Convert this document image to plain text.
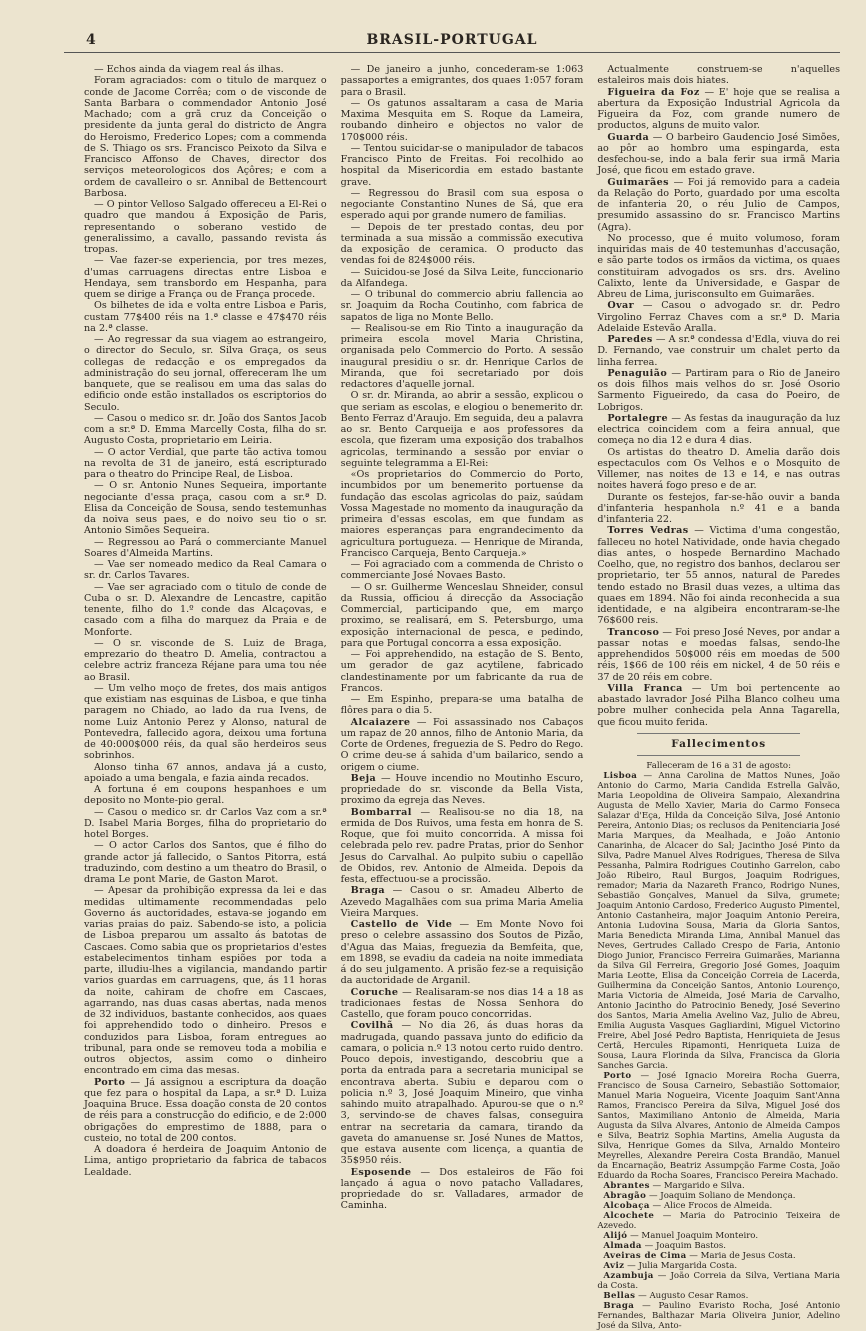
4	BRASIL-PORTUGAL

— Echos ainda da viagem real ás ilhas.

Foram agraciados: com o titulo de marquez o conde de Jacome Corrêa; com o de visconde de Santa Barbara o commendador Antonio José Machado; com a grã cruz da Conceição o presidente da junta geral do districto de Angra do Heroismo, Frederico Lopes; com a commenda de S. Thiago os srs. Francisco Peixoto da Silva e Francisco Affonso de Chaves, director dos serviços meteorologicos dos Açôres; e com a ordem de cavalleiro o sr. Annibal de Bettencourt Barbosa.

— O pintor Velloso Salgado offereceu a El-Rei o quadro que mandou á Exposição de Paris, representando o soberano vestido de generalissimo, a cavallo, passando revista ás tropas.

— Vae fazer-se experiencia, por tres mezes, d'umas carruagens directas entre Lisboa e Hendaya, sem transbordo em Hespanha, para quem se dirige a França ou de França procede.

Os bilhetes de ida e volta entre Lisboa e Paris, custam 77$400 réis na 1.ª classe e 47$470 réis na 2.ª classe.

— Ao regressar da sua viagem ao estrangeiro, o director do Seculo, sr. Silva Graça, os seus collegas de redacção e os empregados da administração do seu jornal, offereceram lhe um banquete, que se realisou em uma das salas do edificio onde estão installados os escriptorios do Seculo.

— Casou o medico sr. dr. João dos Santos Jacob com a sr.ª D. Emma Marcelly Costa, filha do sr. Augusto Costa, proprietario em Leiria.

— O actor Verdial, que parte tão activa tomou na revolta de 31 de janeiro, está escripturado para o theatro do Principe Real, de Lisboa.

— O sr. Antonio Nunes Sequeira, importante negociante d'essa praça, casou com a sr.ª D. Elisa da Conceição de Sousa, sendo testemunhas da noiva seus paes, e do noivo seu tio o sr. Antonio Simões Sequeira.

— Regressou ao Pará o commerciante Manuel Soares d'Almeida Martins.

— Vae ser nomeado medico da Real Camara o sr. dr. Carlos Tavares.

— Vae ser agraciado com o titulo de conde de Cuba o sr. D. Alexandre de Lencastre, capitão tenente, filho do 1.º conde das Alcaçovas, e casado com a filha do marquez da Praia e de Monforte.

— O sr. visconde de S. Luiz de Braga, emprezario do theatro D. Amelia, contractou a celebre actriz franceza Réjane para uma tou née ao Brasil.

— Um velho moço de fretes, dos mais antigos que existiam nas esquinas de Lisboa, e que tinha paragem no Chiado, ao lado da rua Ivens, de nome Luiz Antonio Perez y Alonso, natural de Pontevedra, fallecido agora, deixou uma fortuna de 40:000$000 réis, da qual são herdeiros seus sobrinhos.

Alonso tinha 67 annos, andava já a custo, apoiado a uma bengala, e fazia ainda recados.

A fortuna é em coupons hespanhoes e um deposito no Monte-pio geral.

— Casou o medico sr. dr Carlos Vaz com a sr.ª D. Isabel Maria Borges, filha do proprietario do hotel Borges.

— O actor Carlos dos Santos, que é filho do grande actor já fallecido, o Santos Pitorra, está traduzindo, com destino a um theatro do Brasil, o drama Le pont Marie, de Gaston Marot.

— Apesar da prohibição expressa da lei e das medidas ultimamente recommendadas pelo Governo ás auctoridades, estava-se jogando em varias praias do paiz. Sabendo-se isto, a policia de Lisboa preparou um assalto ás batotas de Cascaes. Como sabia que os proprietarios d'estes estabelecimentos tinham espiões por toda a parte, illudiu-lhes a vigilancia, mandando partir varios guardas em carruagens, que, ás 11 horas da noite, cahiram de chofre em Cascaes, agarrando, nas duas casas abertas, nada menos de 32 individuos, bastante conhecidos, aos quaes foi apprehendido todo o dinheiro. Presos e conduzidos para Lisboa, foram entregues ao tribunal, para onde se removeu toda a mobilia e outros objectos, assim como o dinheiro encontrado em cima das mesas.

Porto — Já assignou a escriptura da doação que fez para o hospital da Lapa, a sr.ª D. Luiza Joaquina Bruce. Essa doação consta de 20 contos de réis para a construcção do edificio, e de 2:000 obrigações do emprestimo de 1888, para o custeio, no total de 200 contos.

A doadora é herdeira de Joaquim Antonio de Lima, antigo proprietario da fabrica de tabacos Lealdade.

— De janeiro a junho, concederam-se 1:063 passaportes a emigrantes, dos quaes 1:057 foram para o Brasil.

— Os gatunos assaltaram a casa de Maria Maxima Mesquita em S. Roque da Lameira, roubando dinheiro e objectos no valor de 170$000 réis.

— Tentou suicidar-se o manipulador de tabacos Francisco Pinto de Freitas. Foi recolhido ao hospital da Misericordia em estado bastante grave.

— Regressou do Brasil com sua esposa o negociante Constantino Nunes de Sá, que era esperado aqui por grande numero de familias.

— Depois de ter prestado contas, deu por terminada a sua missão a commissão executiva da exposição de ceramica. O producto das vendas foi de 824$000 réis.

— Suicidou-se José da Silva Leite, funccionario da Alfandega.

— O tribunal do commercio abriu fallencia ao sr. Joaquim da Rocha Coutinho, com fabrica de sapatos de liga no Monte Bello.

— Realisou-se em Rio Tinto a inauguração da primeira escola movel Maria Christina, organisada pelo Commercio do Porto. A sessão inaugural presidiu o sr. dr. Henrique Carlos de Miranda, que foi secretariado por dois redactores d'aquelle jornal.

O sr. dr. Miranda, ao abrir a sessão, explicou o que seriam as escolas, e elogiou o benemerito dr. Bento Ferraz d'Araujo. Em seguida, deu a palavra ao sr. Bento Carqueija e aos professores da escola, que fizeram uma exposição dos trabalhos agricolas, terminando a sessão por enviar o seguinte telegramma a El-Rei:

«Os proprietarios do Commercio do Porto, incumbidos por um benemerito portuense da fundação das escolas agricolas do paiz, saúdam Vossa Magestade no momento da inauguração da primeira d'essas escolas, em que fundam as maiores esperanças para engrandecimento da agricultura portugueza. — Henrique de Miranda, Francisco Carqueja, Bento Carqueja.»

— Foi agraciado com a commenda de Christo o commerciante José Novaes Basto.

— O sr. Guilherme Wenceslau Shneider, consul da Russia, officiou á direcção da Associação Commercial, participando que, em março proximo, se realisará, em S. Petersburgo, uma exposição internacional de pesca, e pedindo, para que Portugal concorra a essa exposição.

— Foi apprehendido, na estação de S. Bento, um gerador de gaz acytilene, fabricado clandestinamente por um fabricante da rua de Francos.

— Em Espinho, prepara-se uma batalha de flôres para o dia 5.

Alcaiazere — Foi assassinado nos Cabaços um rapaz de 20 annos, filho de Antonio Maria, da Corte de Ordenes, freguezia de S. Pedro do Rego. O crime deu-se á sahida d'um bailarico, sendo a origem o ciume.

Beja — Houve incendio no Moutinho Escuro, propriedade do sr. visconde da Bella Vista, proximo da egreja das Neves.

Bombarral — Realisou-se no dia 18, na ermida de Dos Ruivos, uma festa em honra de S. Roque, que foi muito concorrida. A missa foi celebrada pelo rev. padre Pratas, prior do Senhor Jesus do Carvalhal. Ao pulpito subiu o capellão de Obidos, rev. Antonio de Almeida. Depois da festa, effectuou-se a procissão.

Braga — Casou o sr. Amadeu Alberto de Azevedo Magalhães com sua prima Maria Amelia Vieira Marques.

Castello de Vide — Em Monte Novo foi preso o celebre assassino dos Soutos de Pizão, d'Agua das Maias, freguezia da Bemfeita, que, em 1898, se evadiu da cadeia na noite immediata á do seu julgamento. A prisão fez-se a requisição da auctoridade de Arganil.

Coruche — Realisaram-se nos dias 14 a 18 as tradicionaes festas de Nossa Senhora do Castello, que foram pouco concorridas.

Covilhã — No dia 26, ás duas horas da madrugada, quando passava junto do edificio da camara, o policia n.º 13 notou certo ruido dentro. Pouco depois, investigando, descobriu que a porta da entrada para a secretaria municipal se encontrava aberta. Subiu e deparou com o policia n.º 3, José Joaquim Mineiro, que vinha sahindo muito atrapalhado. Apurou-se que o n.º 3, servindo-se de chaves falsas, conseguira entrar na secretaria da camara, tirando da gaveta do amanuense sr. José Nunes de Mattos, que estava ausente com licença, a quantia de 35$950 réis.

Esposende — Dos estaleiros de Fão foi lançado á agua o novo patacho Valladares, propriedade do sr. Valladares, armador de Caminha.

Actualmente construem-se n'aquelles estaleiros mais dois hiates.

Figueira da Foz — E' hoje que se realisa a abertura da Exposição Industrial Agricola da Figueira da Foz, com grande numero de productos, alguns de muito valor.

Guarda — O barbeiro Gaudencio José Simões, ao pôr ao hombro uma espingarda, esta desfechou-se, indo a bala ferir sua irmã Maria José, que ficou em estado grave.

Guimarães — Foi já removido para a cadeia da Relação do Porto, guardado por uma escolta de infanteria 20, o réu Julio de Campos, presumido assassino do sr. Francisco Martins (Agra).

No processo, que é muito volumoso, foram inquiridas mais de 40 testemunhas d'accusação, e são parte todos os irmãos da victima, os quaes constituiram advogados os srs. drs. Avelino Calixto, lente da Universidade, e Gaspar de Abreu de Lima, jurisconsulto em Guimarães.

Ovar — Casou o advogado sr. dr. Pedro Virgolino Ferraz Chaves com a sr.ª D. Maria Adelaide Estevão Aralla.

Paredes — A sr.ª condessa d'Edla, viuva do rei D. Fernando, vae construir um chalet perto da linha ferrea.

Penaguião — Partiram para o Rio de Janeiro os dois filhos mais velhos do sr. José Osorio Sarmento Figueiredo, da casa do Poeiro, de Lobrigos.

Portalegre — As festas da inauguração da luz electrica coincidem com a feira annual, que começa no dia 12 e dura 4 dias.

Os artistas do theatro D. Amelia darão dois espectaculos com Os Velhos e o Mosquito de Villemer, nas noites de 13 e 14, e nas outras noites haverá fogo preso e de ar.

Durante os festejos, far-se-hão ouvir a banda d'infanteria hespanhola n.º 41 e a banda d'infanteria 22.

Torres Vedras — Victima d'uma congestão, falleceu no hotel Natividade, onde havia chegado dias antes, o hospede Bernardino Machado Coelho, que, no registro dos banhos, declarou ser proprietario, ter 55 annos, natural de Paredes tendo estado no Brasil duas vezes, a ultima das quaes em 1894. Não foi ainda reconhecida a sua identidade, e na algibeira encontraram-se-lhe 76$600 reis.

Trancoso — Foi preso José Neves, por andar a passar notas e moedas falsas, sendo-lhe apprehendidos 50$000 réis em moedas de 500 réis, 1$66 de 100 réis em nickel, 4 de 50 réis e 37 de 20 réis em cobre.

Villa Franca — Um boi pertencente ao abastado lavrador José Pilha Blanco colheu uma pobre mulher conhecida pela Anna Tagarella, que ficou muito ferida.

Fallecimentos

Falleceram de 16 a 31 de agosto:

Lisboa — Anna Carolina de Mattos Nunes, João Antonio do Carmo, Maria Candida Estrella Galvão, Maria Leopoldina de Oliveira Sampaio, Alexandrina Augusta de Mello Xavier, Maria do Carmo Fonseca Salazar d'Eça, Hilda da Conceição Silva, José Antonio Pereira, Antonio Dias; os reclusos da Penitenciaria José Maria Marques, da Mealhada, e João Antonio Canarinha, de Alcacer do Sal; Jacintho José Pinto da Silva, Padre Manuel Alves Rodrigues, Theresa de Silva Pessanha, Palmira Rodrigues Coutinho Garrelon, cabo João Ribeiro, Raul Burgos, Joaquim Rodrigues, remador; Maria da Nazareth Franco, Rodrigo Nunes, Sebastião Gonçalves, Manuel da Silva, grumete; Joaquim Antonio Cardoso, Frederico Augusto Pimentel, Antonio Castanheira, major Joaquim Antonio Pereira, Antonia Ludovina Sousa, Maria da Gloria Santos, Maria Benedicta Miranda Lima, Annibal Manuel das Neves, Gertrudes Callado Crespo de Faria, Antonio Diogo Junior, Francisco Ferreira Guimarães, Marianna da Silva Gil Ferreira, Gregorio José Gomes, Joaquim Maria Leotte, Elisa da Conceição Correia de Lacerda, Guilhermina da Conceição Santos, Antonio Lourenço, Maria Victoria de Almeida, José Maria de Carvalho, Antonio Jacintho do Patrocinio Benedy, José Severino dos Santos, Maria Amelia Avelino Vaz, Julio de Abreu, Emilia Augusta Vasques Gagliardini, Miguel Victorino Freire, Abel José Pedro Baptista, Henriquieta de Jesus Certã, Hercules Ripamonti, Henriqueta Luiza de Sousa, Laura Florinda da Silva, Francisca da Gloria Sanches Garcia.

Porto — José Ignacio Moreira Rocha Guerra, Francisco de Sousa Carneiro, Sebastião Sottomaior, Manuel Maria Nogueira, Vicente Joaquim Sant'Anna Ramos, Francisco Pereira da Silva, Miguel José dos Santos, Maximiliano Antonio de Almeida, Maria Augusta da Silva Alvares, Antonio de Almeida Campos e Silva, Beatriz Sophia Martins, Amelia Augusta da Silva, Henrique Gomes da Silva, Arnaldo Monteiro Meyrelles, Alexandre Pereira Costa Brandão, Manuel da Encarnação, Beatriz Assumpção Farme Costa, João Eduardo da Rocha Soares, Francisco Pereira Machado.

Abrantes — Margarido e Silva.

Abragão — Joaquim Soliano de Mendonça.

Alcobaça — Alice Frocos de Almeida.

Alcochete — Maria do Patrocinio Teixeira de Azevedo.

Alijó — Manuel Joaquim Monteiro.

Almada — Joaquim Bastos.

Aveiras de Cima — Maria de Jesus Costa.

Aviz — Julia Margarida Costa.

Azambuja — João Correia da Silva, Vertiana Maria da Costa.

Bellas — Augusto Cesar Ramos.

Braga — Paulino Evaristo Rocha, José Antonio Fernandes, Balthazar Maria Oliveira Junior, Adelino José da Silva, Anto-
